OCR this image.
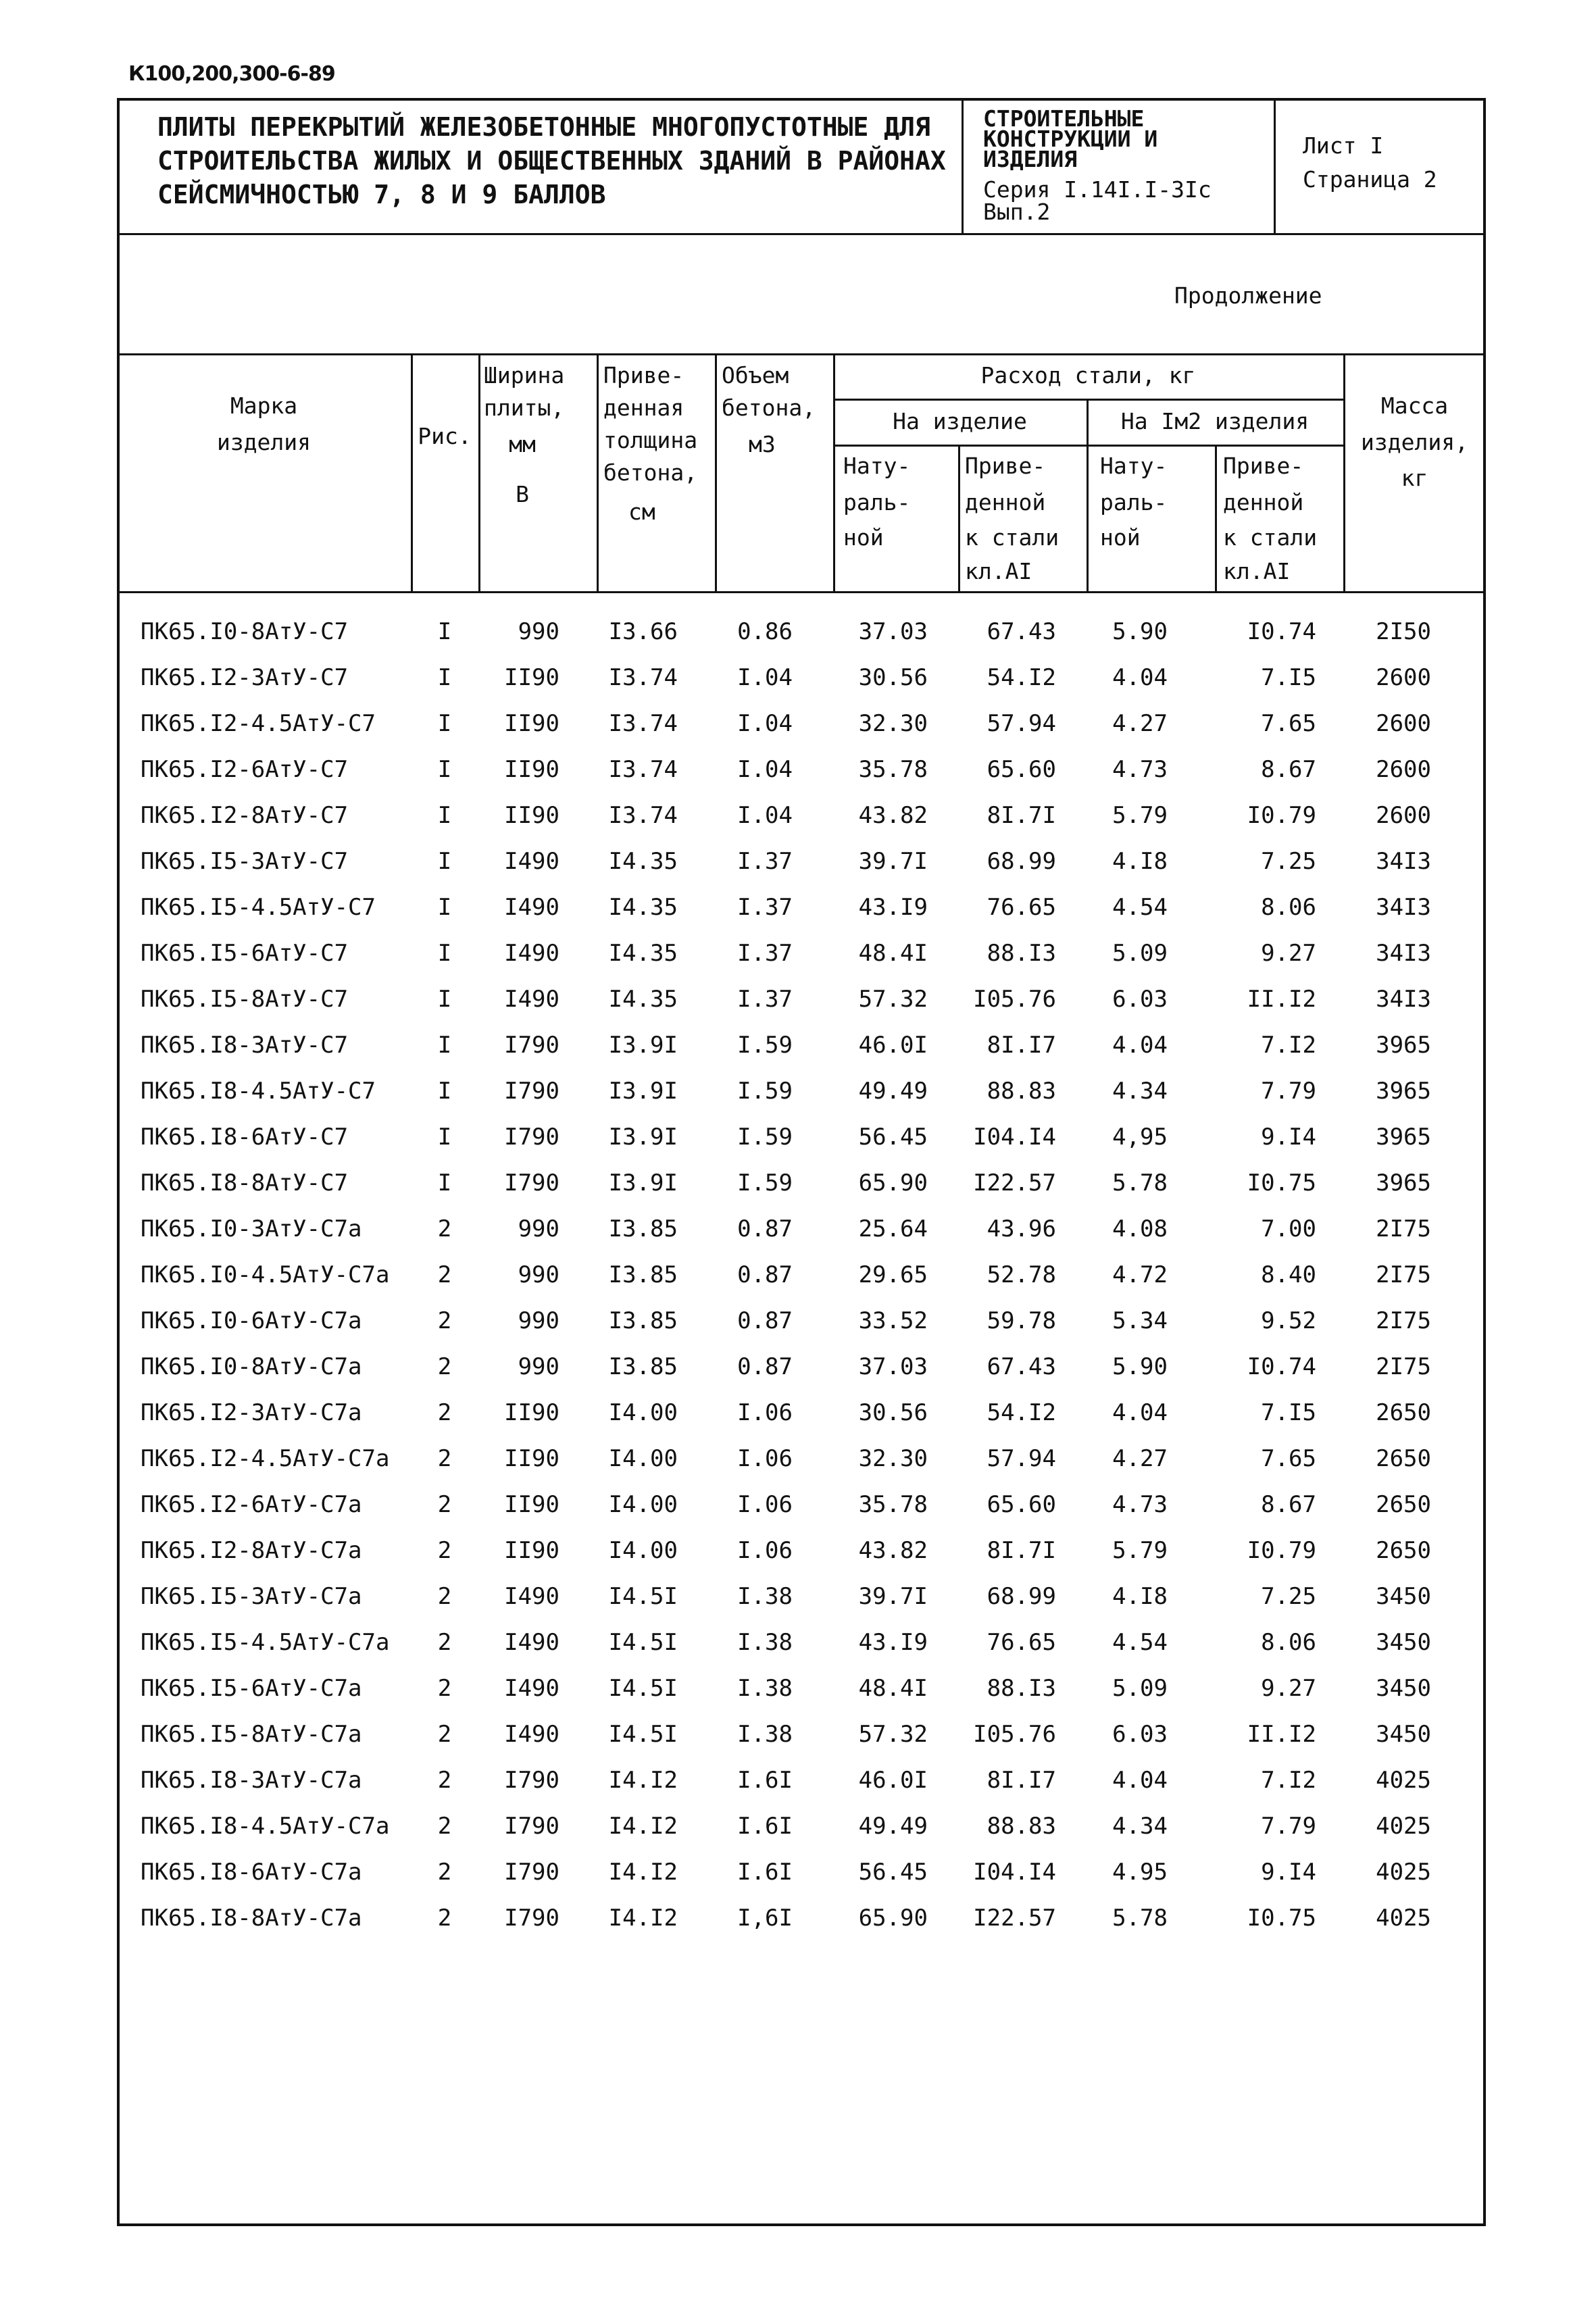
К100,200,300-6-89
ПЛИТЫ ПЕРЕКРЫТИЙ ЖЕЛЕЗОБЕТОННЫЕ МНОГОПУСТОТНЫЕ ДЛЯ
СТРОИТЕЛЬСТВА ЖИЛЫХ И ОБЩЕСТВЕННЫХ ЗДАНИЙ В РАЙОНАХ
СЕЙСМИЧНОСТЬЮ 7, 8 И 9 БАЛЛОВ
СТРОИТЕЛЬНЫЕ
КОНСТРУКЦИИ И
ИЗДЕЛИЯ
Серия I.14I.I-3Ic
Вып.2
Лист I
Страница 2
Продолжение
Марка
изделия	Рис.
Ширина
плиты,
мм
В
Приве-
денная
толщина
бетона,
см
Объем
бетона,
м3
Расход стали, кг
На изделие	На Iм2 изделия
Нату-
раль-
ной
Приве-
денной
к стали
кл.AI
Нату-
раль-
ной
Приве-
денной
к стали
кл.AI
Масса
изделия,
кг
ПК65.I0-8АтУ-С7	I	990	I3.66	0.86	37.03	67.43	5.90	I0.74	2I50
ПК65.I2-3АтУ-С7	I	II90	I3.74	I.04	30.56	54.I2	4.04	7.I5	2600
ПК65.I2-4.5АтУ-С7	I	II90	I3.74	I.04	32.30	57.94	4.27	7.65	2600
ПК65.I2-6АтУ-С7	I	II90	I3.74	I.04	35.78	65.60	4.73	8.67	2600
ПК65.I2-8АтУ-С7	I	II90	I3.74	I.04	43.82	8I.7I	5.79	I0.79	2600
ПК65.I5-3АтУ-С7	I	I490	I4.35	I.37	39.7I	68.99	4.I8	7.25	34I3
ПК65.I5-4.5АтУ-С7	I	I490	I4.35	I.37	43.I9	76.65	4.54	8.06	34I3
ПК65.I5-6АтУ-С7	I	I490	I4.35	I.37	48.4I	88.I3	5.09	9.27	34I3
ПК65.I5-8АтУ-С7	I	I490	I4.35	I.37	57.32	I05.76	6.03	II.I2	34I3
ПК65.I8-3АтУ-С7	I	I790	I3.9I	I.59	46.0I	8I.I7	4.04	7.I2	3965
ПК65.I8-4.5АтУ-С7	I	I790	I3.9I	I.59	49.49	88.83	4.34	7.79	3965
ПК65.I8-6АтУ-С7	I	I790	I3.9I	I.59	56.45	I04.I4	4,95	9.I4	3965
ПК65.I8-8АтУ-С7	I	I790	I3.9I	I.59	65.90	I22.57	5.78	I0.75	3965
ПК65.I0-3АтУ-С7а	2	990	I3.85	0.87	25.64	43.96	4.08	7.00	2I75
ПК65.I0-4.5АтУ-С7а	2	990	I3.85	0.87	29.65	52.78	4.72	8.40	2I75
ПК65.I0-6АтУ-С7а	2	990	I3.85	0.87	33.52	59.78	5.34	9.52	2I75
ПК65.I0-8АтУ-С7а	2	990	I3.85	0.87	37.03	67.43	5.90	I0.74	2I75
ПК65.I2-3АтУ-С7а	2	II90	I4.00	I.06	30.56	54.I2	4.04	7.I5	2650
ПК65.I2-4.5АтУ-С7а	2	II90	I4.00	I.06	32.30	57.94	4.27	7.65	2650
ПК65.I2-6АтУ-С7а	2	II90	I4.00	I.06	35.78	65.60	4.73	8.67	2650
ПК65.I2-8АтУ-С7а	2	II90	I4.00	I.06	43.82	8I.7I	5.79	I0.79	2650
ПК65.I5-3АтУ-С7а	2	I490	I4.5I	I.38	39.7I	68.99	4.I8	7.25	3450
ПК65.I5-4.5АтУ-С7а	2	I490	I4.5I	I.38	43.I9	76.65	4.54	8.06	3450
ПК65.I5-6АтУ-С7а	2	I490	I4.5I	I.38	48.4I	88.I3	5.09	9.27	3450
ПК65.I5-8АтУ-С7а	2	I490	I4.5I	I.38	57.32	I05.76	6.03	II.I2	3450
ПК65.I8-3АтУ-С7а	2	I790	I4.I2	I.6I	46.0I	8I.I7	4.04	7.I2	4025
ПК65.I8-4.5АтУ-С7а	2	I790	I4.I2	I.6I	49.49	88.83	4.34	7.79	4025
ПК65.I8-6АтУ-С7а	2	I790	I4.I2	I.6I	56.45	I04.I4	4.95	9.I4	4025
ПК65.I8-8АтУ-С7а	2	I790	I4.I2	I,6I	65.90	I22.57	5.78	I0.75	4025
